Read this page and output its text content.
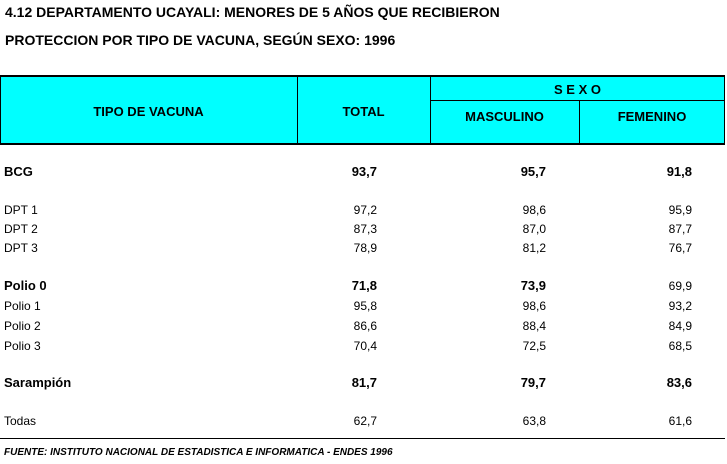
4.12 DEPARTAMENTO UCAYALI: MENORES DE 5 AÑOS QUE RECIBIERON
PROTECCION POR TIPO DE VACUNA, SEGÚN SEXO: 1996
TIPO DE VACUNA	TOTAL
S E X O
MASCULINO	FEMENINO
BCG	93,7	95,7	91,8
DPT 1	97,2	98,6	95,9
DPT 2	87,3	87,0	87,7
DPT 3	78,9	81,2	76,7
Polio 0	71,8	73,9	69,9
Polio 1	95,8	98,6	93,2
Polio 2	86,6	88,4	84,9
Polio 3	70,4	72,5	68,5
Sarampión	81,7	79,7	83,6
Todas	62,7	63,8	61,6
FUENTE: INSTITUTO NACIONAL DE ESTADISTICA E INFORMATICA - ENDES 1996
